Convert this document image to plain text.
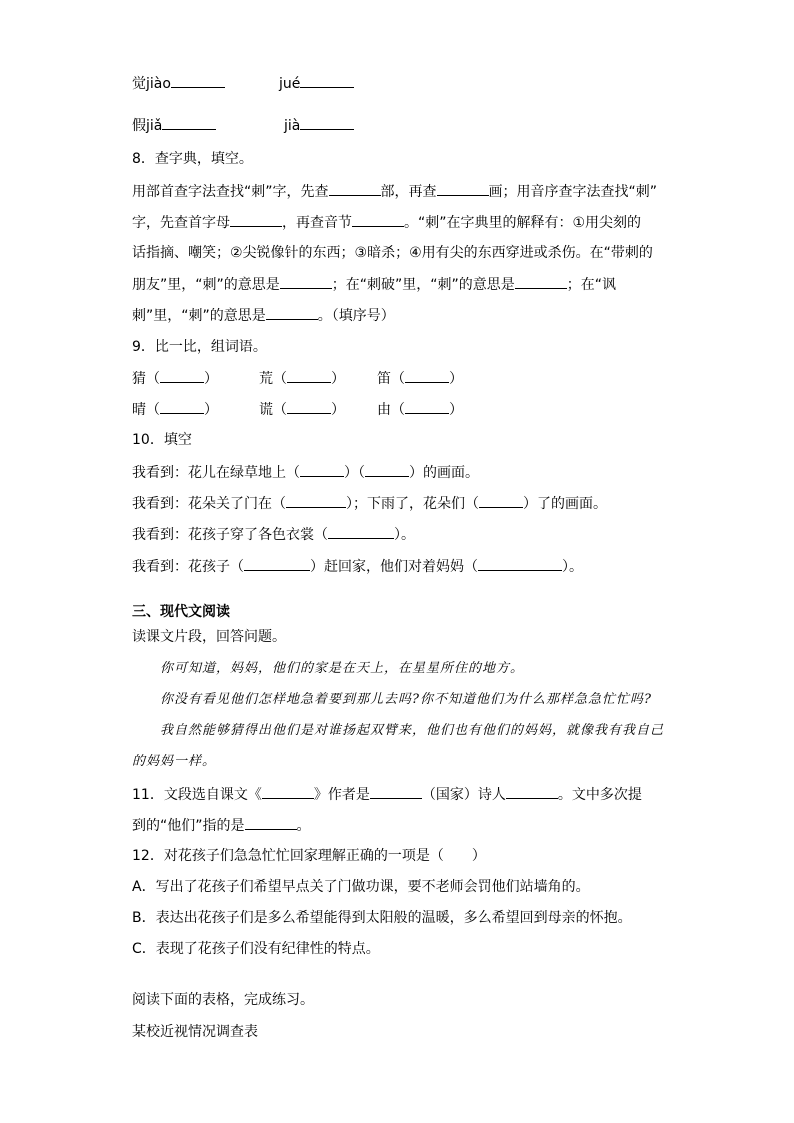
觉jiào	jué
假jiǎ	jià
8．查字典，填空。
用部首查字法查找“刺”字，先查	部，再查	画；用音序查字法查找“刺”
字，先查首字母	，再查音节	。“刺”在字典里的解释有：①用尖刻的
话指摘、嘲笑；②尖锐像针的东西；③暗杀；④用有尖的东西穿进或杀伤。在“带刺的
朋友”里，“刺”的意思是	；在“刺破”里，“刺”的意思是	；在“讽
刺”里，“刺”的意思是	。（填序号）
9．比一比，组词语。
猜（	）	荒（	） 笛（	）
晴（	）	谎（	） 由（	）
10．填空
我看到：花儿在绿草地上（	）（	）的画面。
我看到：花朵关了门在（	）；下雨了，花朵们（	）了的画面。
我看到：花孩子穿了各色衣裳（	）。
我看到：花孩子（	）赶回家，他们对着妈妈（	）。
三、现代文阅读
读课文片段，回答问题。
你可知道，妈妈，他们的家是在天上，在星星所住的地方。
你没有看见他们怎样地急着要到那儿去吗?你不知道他们为什么那样急急忙忙吗?
我自然能够猜得出他们是对谁扬起双臂来，他们也有他们的妈妈，就像我有我自己
的妈妈一样。
11．文段选自课文《	》作者是	（国家）诗人	。文中多次提
到的“他们”指的是	。
12．对花孩子们急急忙忙回家理解正确的一项是（　　）
A．写出了花孩子们希望早点关了门做功课，要不老师会罚他们站墙角的。
B．表达出花孩子们是多么希望能得到太阳般的温暖，多么希望回到母亲的怀抱。
C．表现了花孩子们没有纪律性的特点。
阅读下面的表格，完成练习。
某校近视情况调查表
